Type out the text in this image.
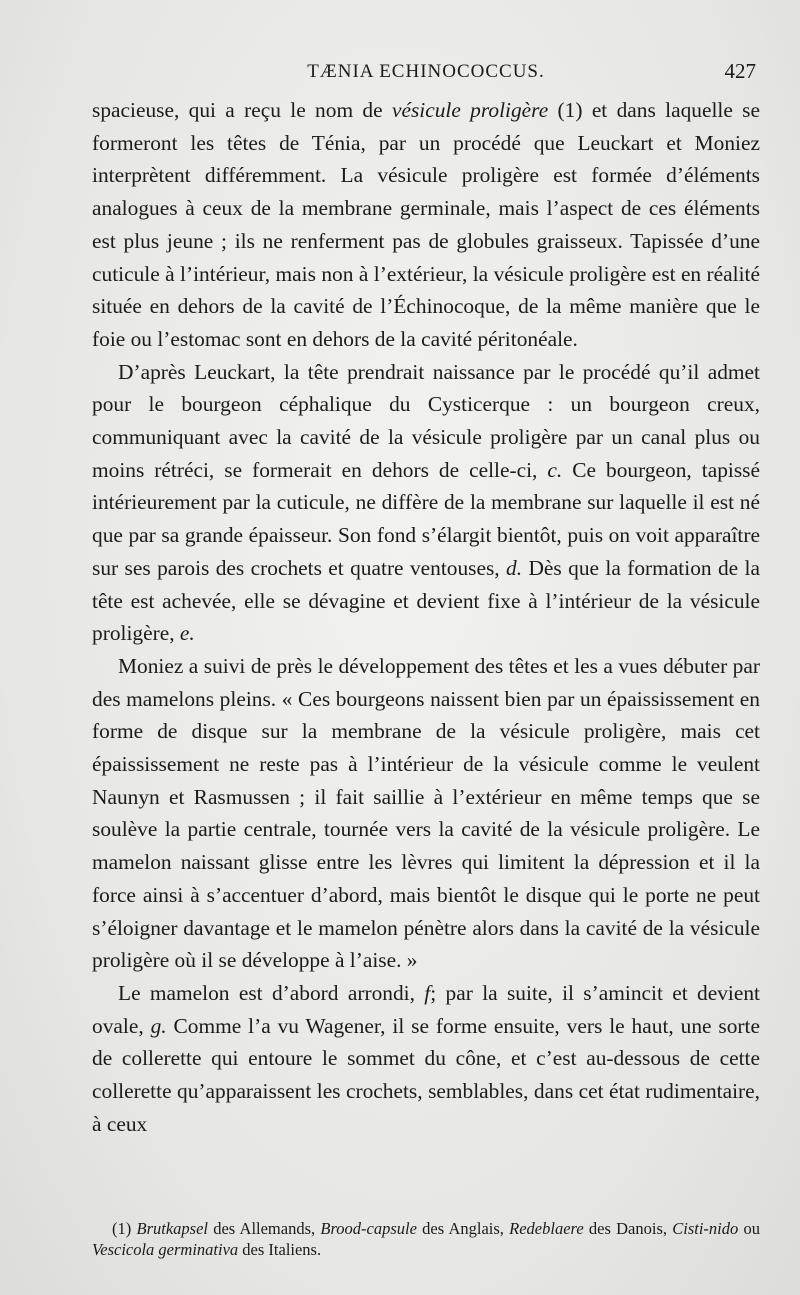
TÆNIA ECHINOCOCCUS.	427

spacieuse, qui a reçu le nom de vésicule proligère (1) et dans laquelle se formeront les têtes de Ténia, par un procédé que Leuckart et Moniez interprètent différemment. La vésicule proligère est formée d’éléments analogues à ceux de la membrane germinale, mais l’aspect de ces éléments est plus jeune ; ils ne renferment pas de globules graisseux. Tapissée d’une cuticule à l’intérieur, mais non à l’extérieur, la vésicule proligère est en réalité située en dehors de la cavité de l’Échinocoque, de la même manière que le foie ou l’estomac sont en dehors de la cavité péritonéale.

D’après Leuckart, la tête prendrait naissance par le procédé qu’il admet pour le bourgeon céphalique du Cysticerque : un bourgeon creux, communiquant avec la cavité de la vésicule proligère par un canal plus ou moins rétréci, se formerait en dehors de celle-ci, c. Ce bourgeon, tapissé intérieurement par la cuticule, ne diffère de la membrane sur laquelle il est né que par sa grande épaisseur. Son fond s’élargit bientôt, puis on voit apparaître sur ses parois des crochets et quatre ventouses, d. Dès que la formation de la tête est achevée, elle se dévagine et devient fixe à l’intérieur de la vésicule proligère, e.

Moniez a suivi de près le développement des têtes et les a vues débuter par des mamelons pleins. « Ces bourgeons naissent bien par un épaississement en forme de disque sur la membrane de la vésicule proligère, mais cet épaississement ne reste pas à l’intérieur de la vésicule comme le veulent Naunyn et Rasmussen ; il fait saillie à l’extérieur en même temps que se soulève la partie centrale, tournée vers la cavité de la vésicule proligère. Le mamelon naissant glisse entre les lèvres qui limitent la dépression et il la force ainsi à s’accentuer d’abord, mais bientôt le disque qui le porte ne peut s’éloigner davantage et le mamelon pénètre alors dans la cavité de la vésicule proligère où il se développe à l’aise. »

Le mamelon est d’abord arrondi, f; par la suite, il s’amincit et devient ovale, g. Comme l’a vu Wagener, il se forme ensuite, vers le haut, une sorte de collerette qui entoure le sommet du cône, et c’est au-dessous de cette collerette qu’apparaissent les crochets, semblables, dans cet état rudimentaire, à ceux

(1) Brutkapsel des Allemands, Brood-capsule des Anglais, Redeblaere des Danois, Cisti-nido ou Vescicola germinativa des Italiens.
